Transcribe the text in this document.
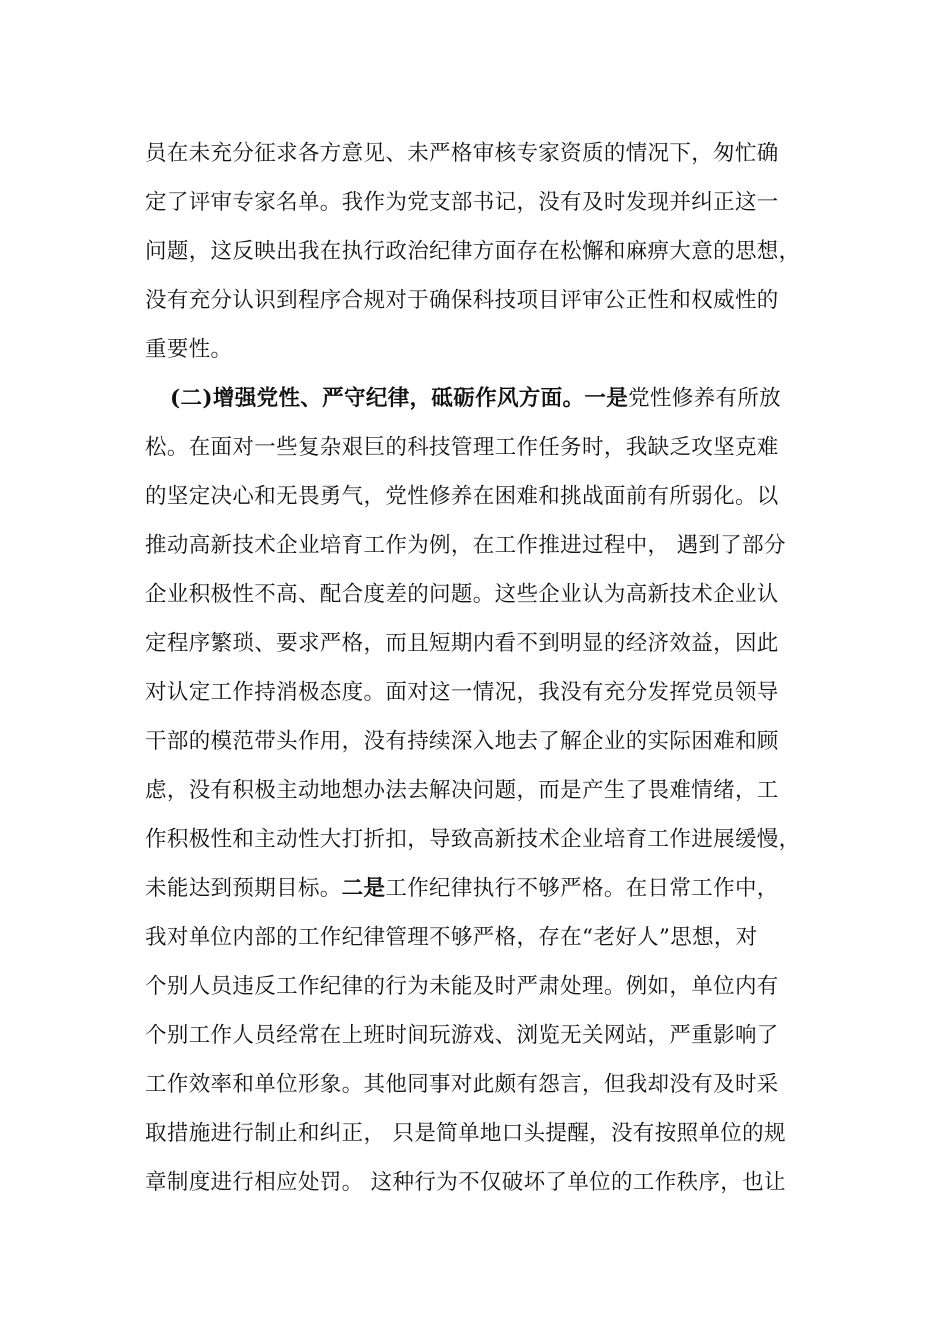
员在未充分征求各方意见、未严格审核专家资质的情况下，匆忙确
定了评审专家名单。我作为党支部书记，没有及时发现并纠正这一
问题，这反映出我在执行政治纪律方面存在松懈和麻痹大意的思想，
没有充分认识到程序合规对于确保科技项目评审公正性和权威性的
重要性。
(二)增强党性、严守纪律，砥砺作风方面。一是党性修养有所放
松。在面对一些复杂艰巨的科技管理工作任务时，我缺乏攻坚克难
的坚定决心和无畏勇气，党性修养在困难和挑战面前有所弱化。以
推动高新技术企业培育工作为例，在工作推进过程中， 遇到了部分
企业积极性不高、配合度差的问题。这些企业认为高新技术企业认
定程序繁琐、要求严格，而且短期内看不到明显的经济效益，因此
对认定工作持消极态度。面对这一情况，我没有充分发挥党员领导
干部的模范带头作用，没有持续深入地去了解企业的实际困难和顾
虑，没有积极主动地想办法去解决问题，而是产生了畏难情绪，工
作积极性和主动性大打折扣，导致高新技术企业培育工作进展缓慢，
未能达到预期目标。二是工作纪律执行不够严格。在日常工作中，
我对单位内部的工作纪律管理不够严格，存在“老好人”思想，对
个别人员违反工作纪律的行为未能及时严肃处理。例如，单位内有
个别工作人员经常在上班时间玩游戏、浏览无关网站，严重影响了
工作效率和单位形象。其他同事对此颇有怨言，但我却没有及时采
取措施进行制止和纠正， 只是简单地口头提醒，没有按照单位的规
章制度进行相应处罚。 这种行为不仅破坏了单位的工作秩序，也让
